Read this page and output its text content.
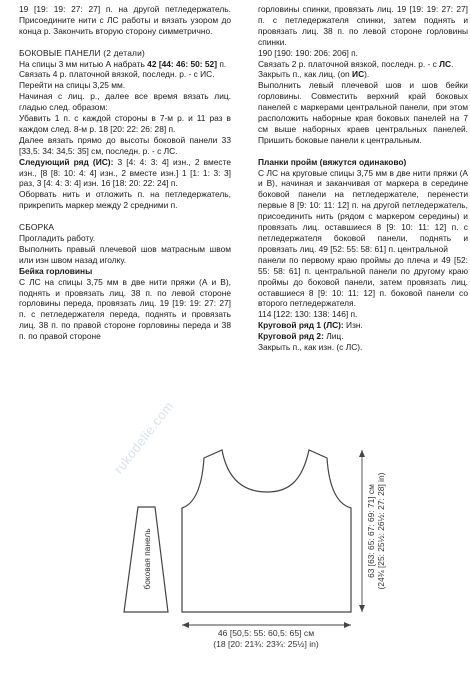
19 [19: 19: 27: 27] п. на другой петледержатель. Присоедините нити с ЛС работы и вязать узором до конца р. Закончить вторую сторону симметрично.

БОКОВЫЕ ПАНЕЛИ (2 детали)

На спицы 3 мм нитью А набрать 42 [44: 46: 50: 52] п.

Связать 4 р. платочной вязкой, последн. р. - с ИС.

Перейти на спицы 3,25 мм.

Начиная с лиц. р., далее все время вязать лиц. гладью след. образом:

Убавить 1 п. с каждой стороны в 7-м р. и 11 раз в каждом след. 8-м р. 18 [20: 22: 26: 28] п.

Далее вязать прямо до высоты боковой панели 33 [33,5: 34: 34,5: 35] см, последн. р. - с ЛС.

Следующий ряд (ИС): 3 [4: 4: 3: 4] изн., 2 вместе изн., [8 [8: 10: 4: 4] изн., 2 вместе изн.] 1 [1: 1: 3: 3] раз, 3 [4: 4: 3: 4] изн. 16 [18: 20: 22: 24] п.

Оборвать нить и отложить п. на петледержатель, прикрепить маркер между 2 средними п.

СБОРКА

Прогладить работу.

Выполнить правый плечевой шов матрасным швом или изн швом назад иголку.

Бейка горловины

С ЛС на спицы 3,75 мм в две нити пряжи (А и В), поднять и провязать лиц. 38 п. по левой стороне горловины переда, провязать лиц. 19 [19: 19: 27: 27] п. с петледержателя переда, поднять и провязать лиц. 38 п. по правой стороне горловины переда и 38 п. по правой стороне

горловины спинки, провязать лиц. 19 [19: 19: 27: 27] п. с петледержателя спинки, затем поднять и провязать лиц. 38 п. по левой стороне горловины спинки.

190 [190: 190: 206: 206] п.

Связать 2 р. платочной вязкой, последн. р. - с ЛС.

Закрыть п., как лиц. (on ИС).

Выполнить левый плечевой шов и шов бейки горловины. Совместить верхний край боковых панелей с маркерами центральной панели, при этом расположить наборные края боковых панелей на 7 см выше наборных краев центральных панелей. Пришить боковые панели к центральным.

Планки пройм (вяжутся одинаково)

С ЛС на круговые спицы 3,75 мм в две нити пряжи (А и В), начиная и заканчивая от маркера в середине боковой панели на петледержателе, перенести первые 8 [9: 10: 11: 12] п. на другой петледержатель, присоединить нить (рядом с маркером середины) и провязать лиц. оставшиеся 8 [9: 10: 11: 12] п. с петледержателя боковой панели, поднять и провязать лиц. 49 [52: 55: 58: 61] п. центральной

панели по первому краю проймы до плеча и 49 [52: 55: 58: 61] п. центральной панели по другому краю проймы до боковой панели, затем провязать лиц. оставшиеся 8 [9: 10: 11: 12] п. боковой панели со второго петледержателя.

114 [122: 130: 138: 146] п.

Круговой ряд 1 (ЛС): Изн.

Круговой ряд 2: Лиц.

Закрыть п., как изн. (с ЛС).

rukodelie.com
боковая панель	63 [63: 65: 67: 69: 71] см (24¾ [25: 25½: 26½: 27: 28] in)
46 [50,5: 55: 60,5: 65] см
(18 [20: 21¾: 23¾: 25½] in)
